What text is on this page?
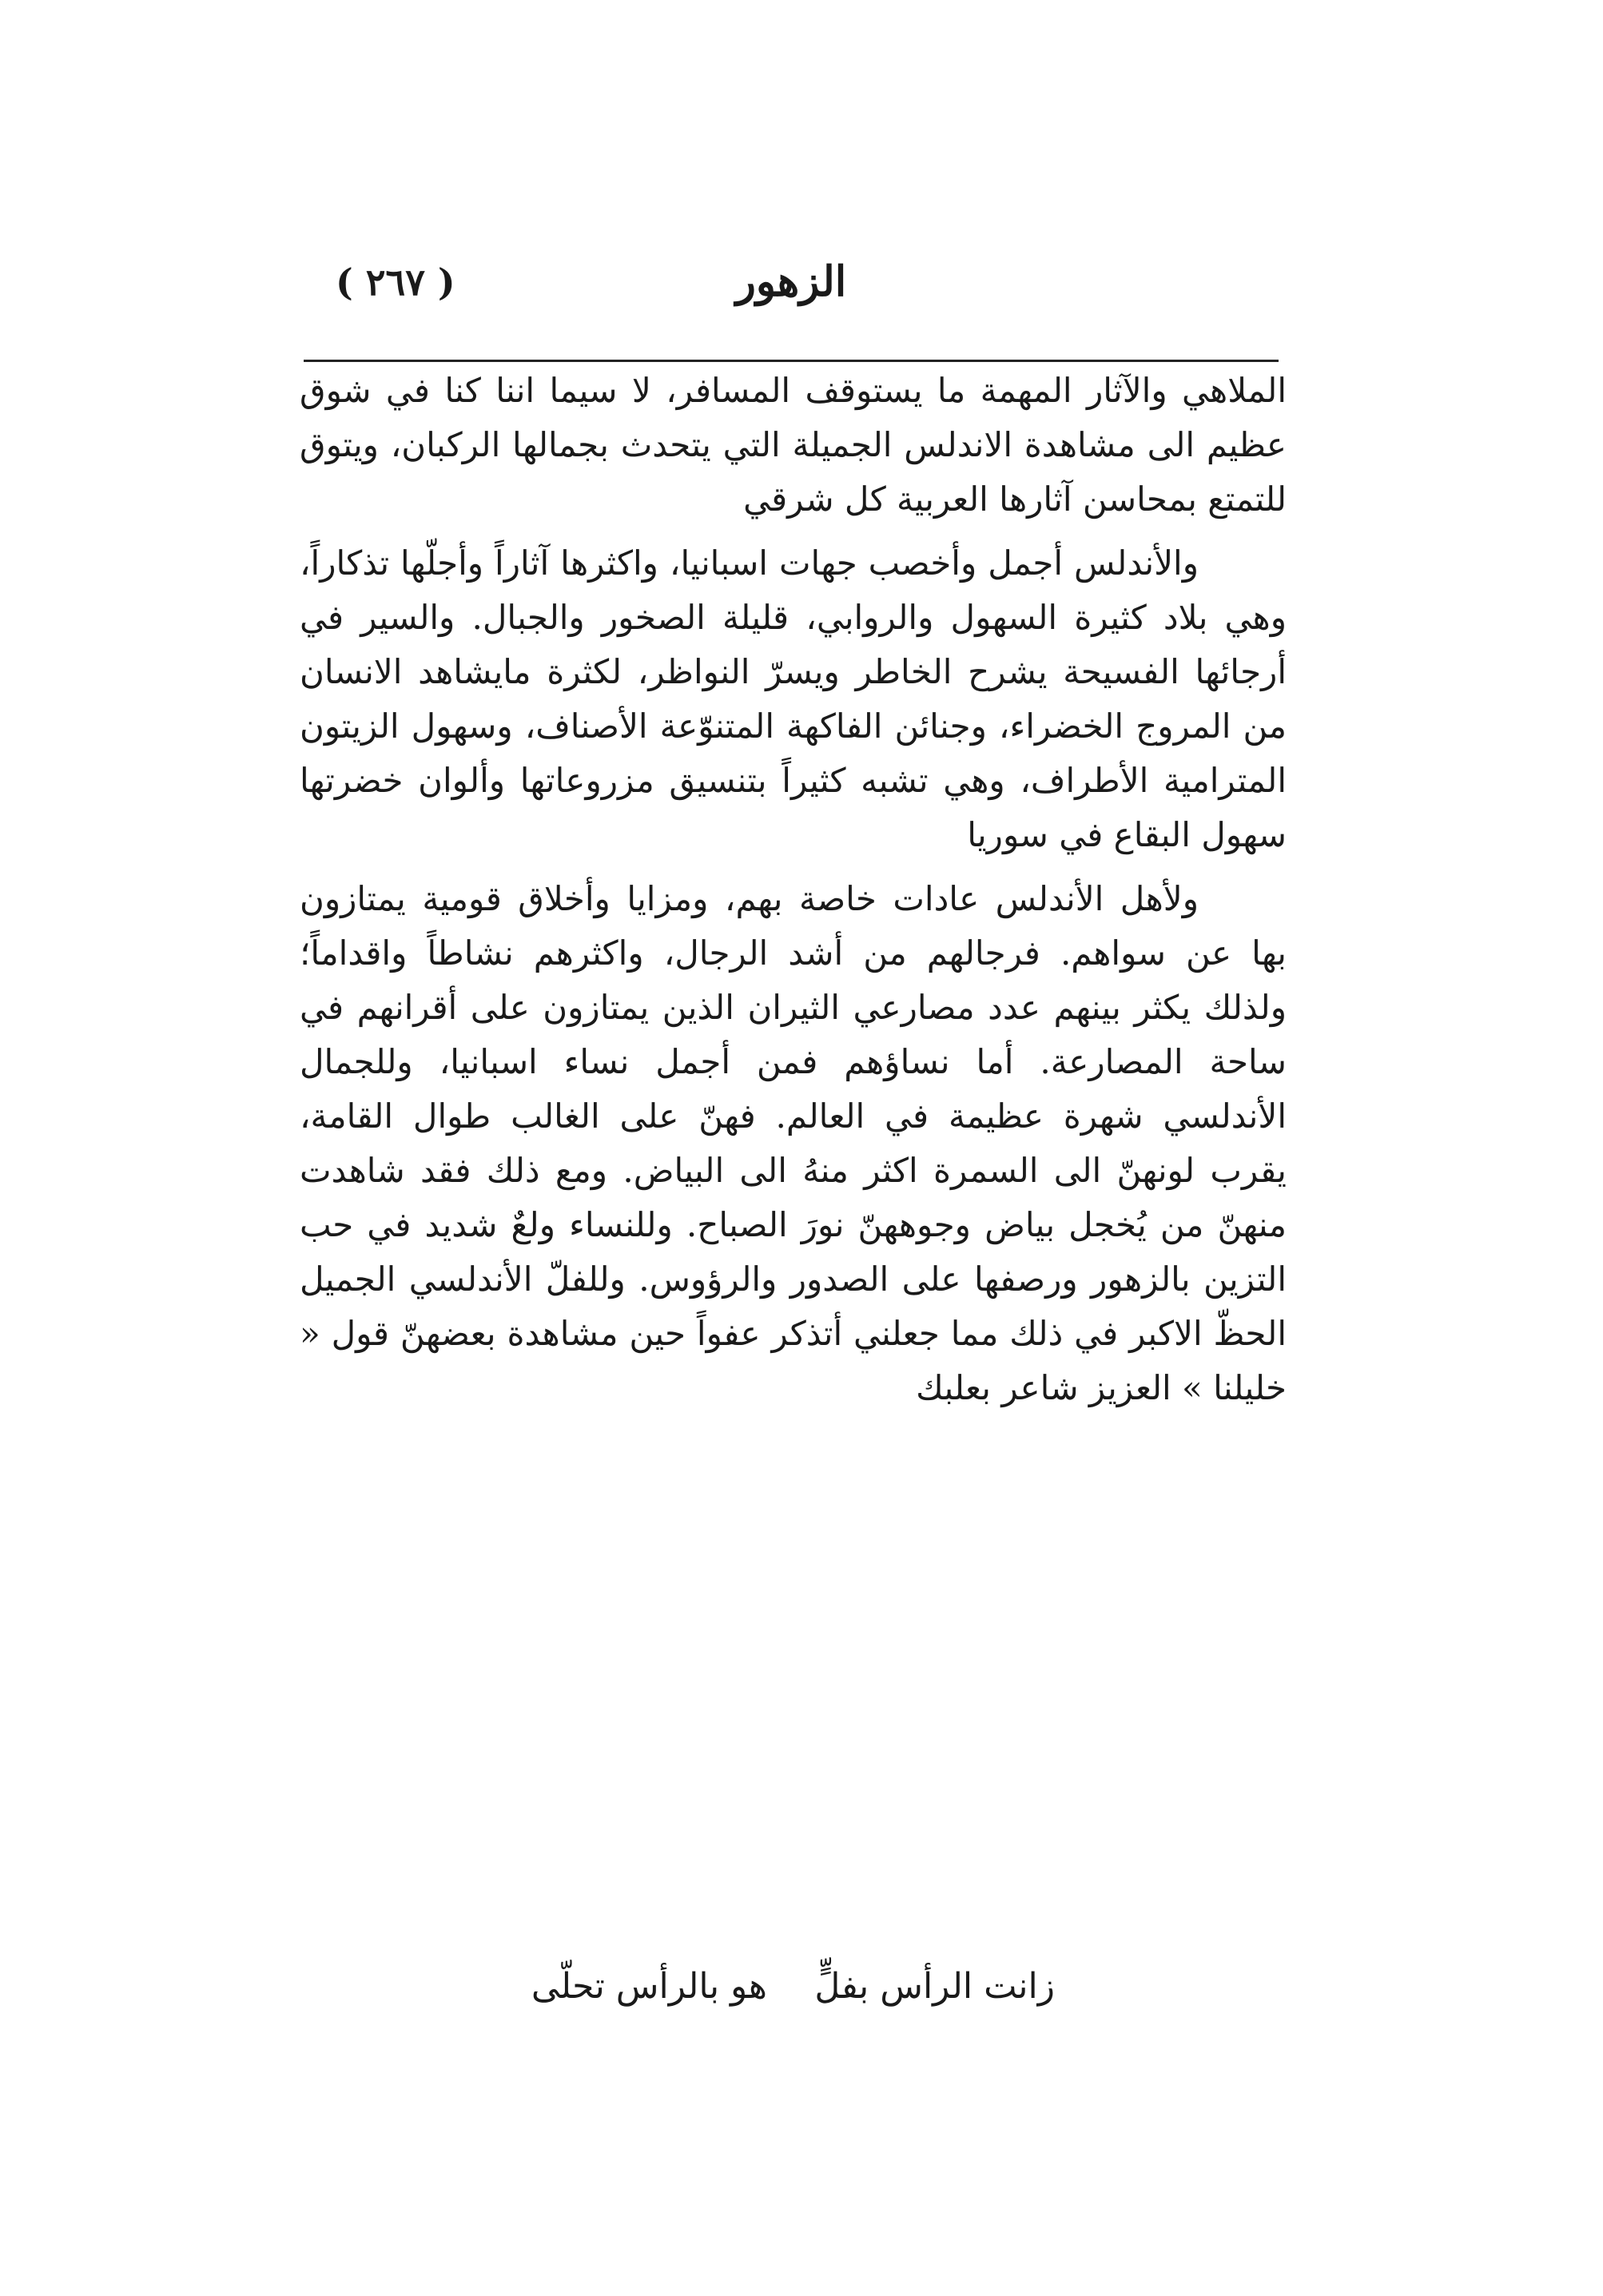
الزهور
( ٢٦٧ )

الملاهي والآثار المهمة ما يستوقف المسافر، لا سيما اننا كنا في شوق عظيم الى مشاهدة الاندلس الجميلة التي يتحدث بجمالها الركبان، ويتوق للتمتع بمحاسن آثارها العربية كل شرقي

والأندلس أجمل وأخصب جهات اسبانيا، واكثرها آثاراً وأجلّها تذكاراً، وهي بلاد كثيرة السهول والروابي، قليلة الصخور والجبال. والسير في أرجائها الفسيحة يشرح الخاطر ويسرّ النواظر، لكثرة مايشاهد الانسان من المروج الخضراء، وجنائن الفاكهة المتنوّعة الأصناف، وسهول الزيتون المترامية الأطراف، وهي تشبه كثيراً بتنسيق مزروعاتها وألوان خضرتها سهول البقاع في سوريا

ولأهل الأندلس عادات خاصة بهم، ومزايا وأخلاق قومية يمتازون بها عن سواهم. فرجالهم من أشد الرجال، واكثرهم نشاطاً واقداماً؛ ولذلك يكثر بينهم عدد مصارعي الثيران الذين يمتازون على أقرانهم في ساحة المصارعة. أما نساؤهم فمن أجمل نساء اسبانيا، وللجمال الأندلسي شهرة عظيمة في العالم. فهنّ على الغالب طوال القامة، يقرب لونهنّ الى السمرة اكثر منهُ الى البياض. ومع ذلك فقد شاهدت منهنّ من يُخجل بياض وجوههنّ نورَ الصباح. وللنساء ولعٌ شديد في حب التزين بالزهور ورصفها على الصدور والرؤوس. وللفلّ الأندلسي الجميل الحظّ الاكبر في ذلك مما جعلني أتذكر عفواً حين مشاهدة بعضهنّ قول « خليلنا » العزيز شاعر بعلبك

زانت الرأس بفلٍّ
هو بالرأس تحلّى
